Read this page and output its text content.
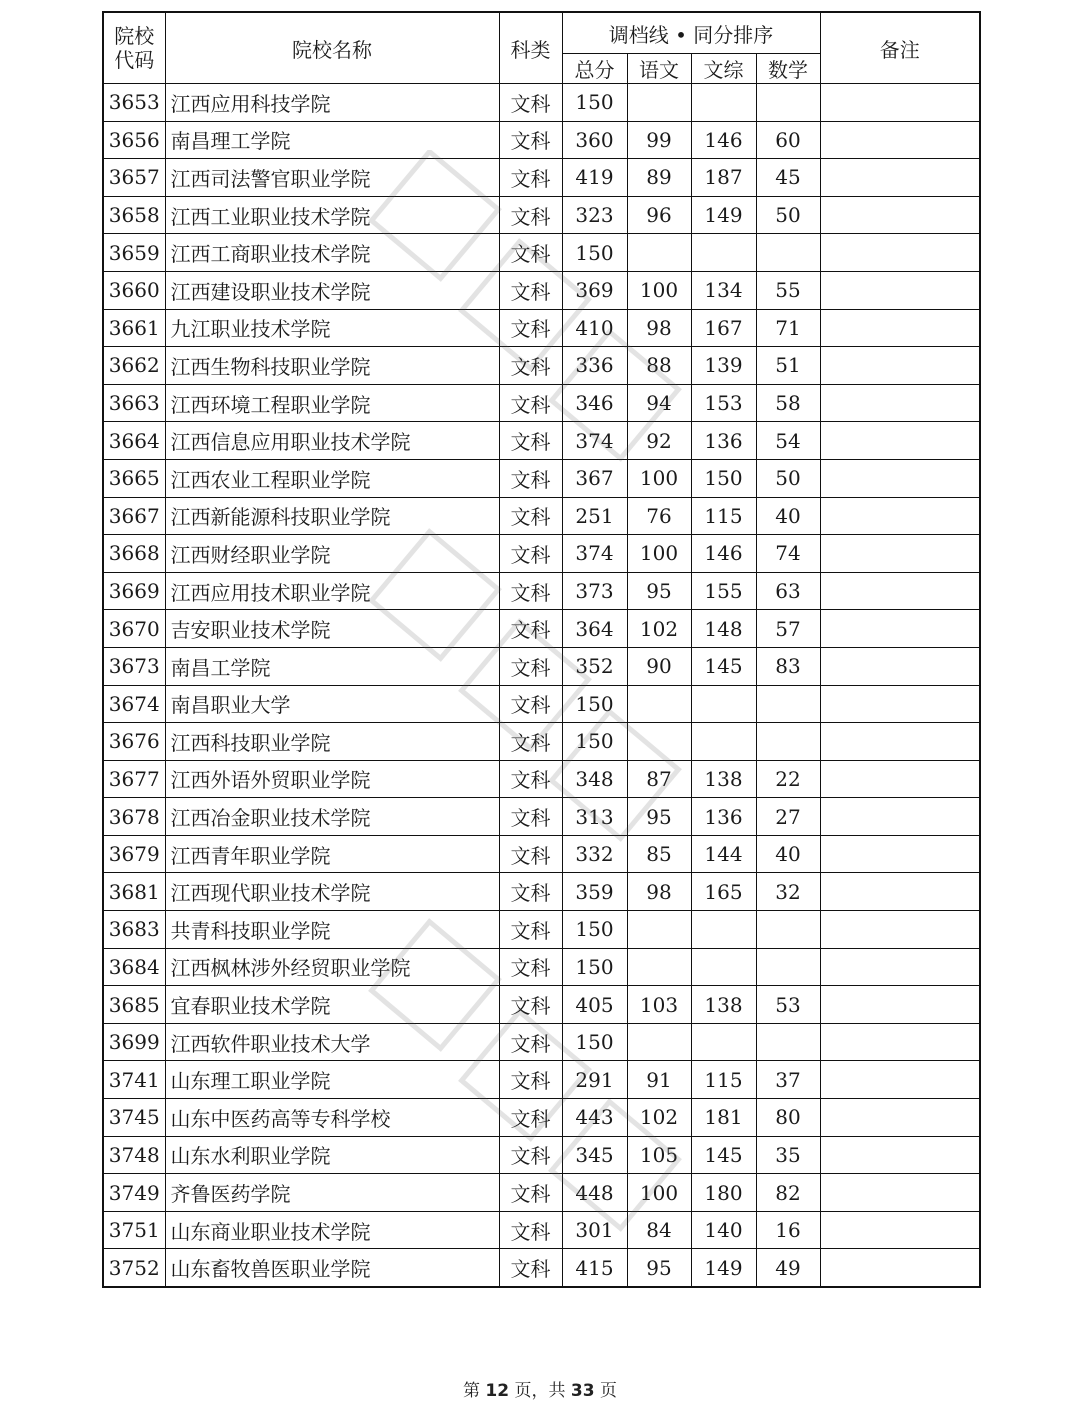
院校
代码	院校名称	科类	调档线 • 同分排序				备注
			总分	语文	文综	数学	
3653	江西应用科技学院	文科	150				
3656	南昌理工学院	文科	360	99	146	60	
3657	江西司法警官职业学院	文科	419	89	187	45	
3658	江西工业职业技术学院	文科	323	96	149	50	
3659	江西工商职业技术学院	文科	150				
3660	江西建设职业技术学院	文科	369	100	134	55	
3661	九江职业技术学院	文科	410	98	167	71	
3662	江西生物科技职业学院	文科	336	88	139	51	
3663	江西环境工程职业学院	文科	346	94	153	58	
3664	江西信息应用职业技术学院	文科	374	92	136	54	
3665	江西农业工程职业学院	文科	367	100	150	50	
3667	江西新能源科技职业学院	文科	251	76	115	40	
3668	江西财经职业学院	文科	374	100	146	74	
3669	江西应用技术职业学院	文科	373	95	155	63	
3670	吉安职业技术学院	文科	364	102	148	57	
3673	南昌工学院	文科	352	90	145	83	
3674	南昌职业大学	文科	150				
3676	江西科技职业学院	文科	150				
3677	江西外语外贸职业学院	文科	348	87	138	22	
3678	江西冶金职业技术学院	文科	313	95	136	27	
3679	江西青年职业学院	文科	332	85	144	40	
3681	江西现代职业技术学院	文科	359	98	165	32	
3683	共青科技职业学院	文科	150				
3684	江西枫林涉外经贸职业学院	文科	150				
3685	宜春职业技术学院	文科	405	103	138	53	
3699	江西软件职业技术大学	文科	150				
3741	山东理工职业学院	文科	291	91	115	37	
3745	山东中医药高等专科学校	文科	443	102	181	80	
3748	山东水利职业学院	文科	345	105	145	35	
3749	齐鲁医药学院	文科	448	100	180	82	
3751	山东商业职业技术学院	文科	301	84	140	16	
3752	山东畜牧兽医职业学院	文科	415	95	149	49	
第 12 页，共 33 页
